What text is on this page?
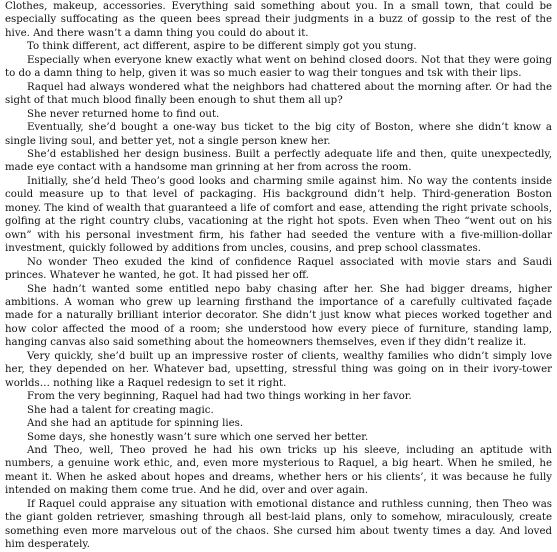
Clothes, makeup, accessories. Everything said something about you. In a small town, that could be especially suffocating as the queen bees spread their judgments in a buzz of gossip to the rest of the hive. And there wasn’t a damn thing you could do about it.

To think different, act different, aspire to be different simply got you stung.

Especially when everyone knew exactly what went on behind closed doors. Not that they were going to do a damn thing to help, given it was so much easier to wag their tongues and tsk with their lips.

Raquel had always wondered what the neighbors had chattered about the morning after. Or had the sight of that much blood finally been enough to shut them all up?

She never returned home to find out.

Eventually, she’d bought a one-way bus ticket to the big city of Boston, where she didn’t know a single living soul, and better yet, not a single person knew her.

She’d established her design business. Built a perfectly adequate life and then, quite unexpectedly, made eye contact with a handsome man grinning at her from across the room.

Initially, she’d held Theo’s good looks and charming smile against him. No way the contents inside could measure up to that level of packaging. His background didn’t help. Third-generation Boston money. The kind of wealth that guaranteed a life of comfort and ease, attending the right private schools, golfing at the right country clubs, vacationing at the right hot spots. Even when Theo “went out on his own” with his personal investment firm, his father had seeded the venture with a five-million-dollar investment, quickly followed by additions from uncles, cousins, and prep school classmates.

No wonder Theo exuded the kind of confidence Raquel associated with movie stars and Saudi princes. Whatever he wanted, he got. It had pissed her off.

She hadn’t wanted some entitled nepo baby chasing after her. She had bigger dreams, higher ambitions. A woman who grew up learning firsthand the importance of a carefully cultivated façade made for a naturally brilliant interior decorator. She didn’t just know what pieces worked together and how color affected the mood of a room; she understood how every piece of furniture, standing lamp, hanging canvas also said something about the homeowners themselves, even if they didn’t realize it.

Very quickly, she’d built up an impressive roster of clients, wealthy families who didn’t simply love her, they depended on her. Whatever bad, upsetting, stressful thing was going on in their ivory-tower worlds… nothing like a Raquel redesign to set it right.

From the very beginning, Raquel had had two things working in her favor.

She had a talent for creating magic.

And she had an aptitude for spinning lies.

Some days, she honestly wasn’t sure which one served her better.

And Theo, well, Theo proved he had his own tricks up his sleeve, including an aptitude with numbers, a genuine work ethic, and, even more mysterious to Raquel, a big heart. When he smiled, he meant it. When he asked about hopes and dreams, whether hers or his clients’, it was because he fully intended on making them come true. And he did, over and over again.

If Raquel could appraise any situation with emotional distance and ruthless cunning, then Theo was the giant golden retriever, smashing through all best-laid plans, only to somehow, miraculously, create something even more marvelous out of the chaos. She cursed him about twenty times a day. And loved him desperately.
